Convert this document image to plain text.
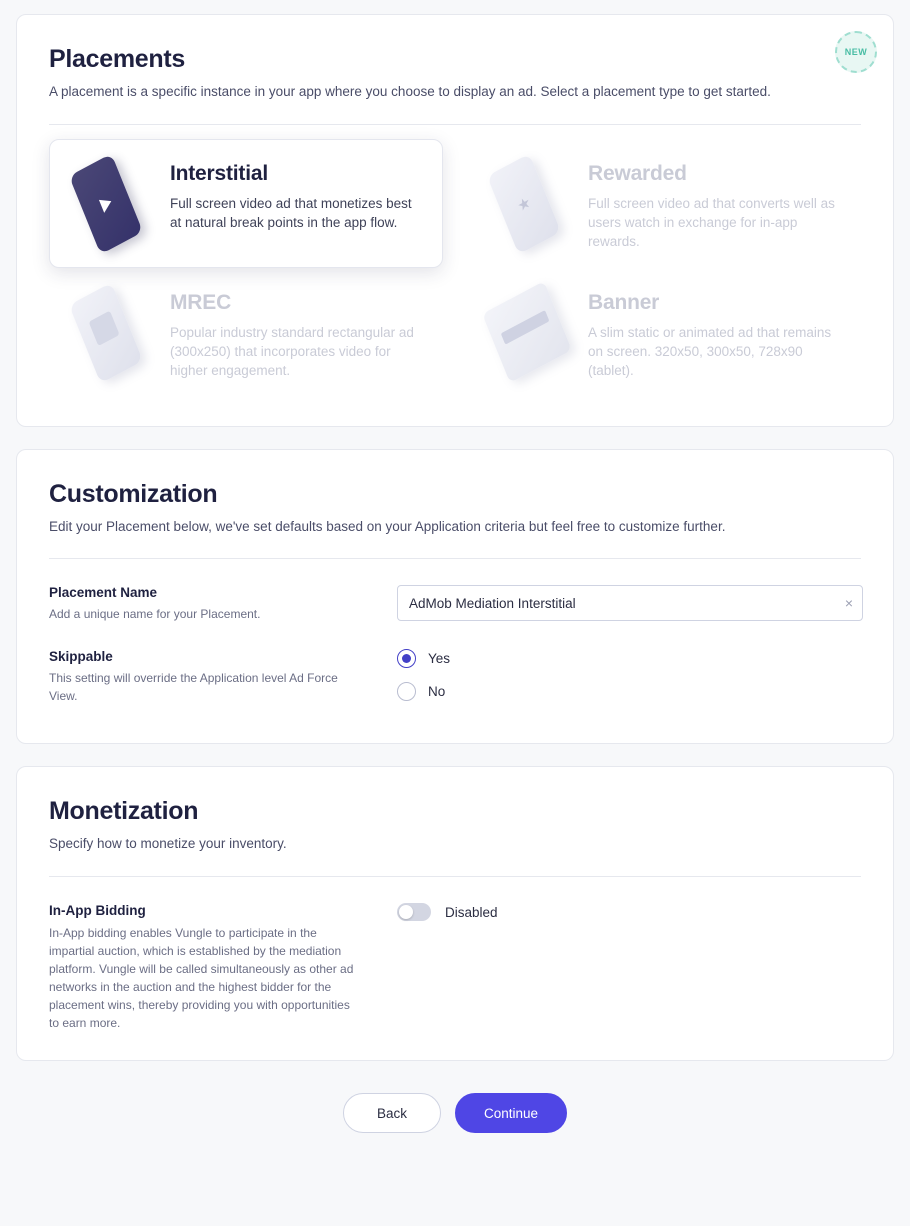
Placements

A placement is a specific instance in your app where you choose to display an ad. Select a placement type to get started.

Interstitial

Full screen video ad that monetizes best at natural break points in the app flow.

★

Rewarded

Full screen video ad that converts well as users watch in exchange for in-app rewards.

MREC

Popular industry standard rectangular ad (300x250) that incorporates video for higher engagement.

Banner

A slim static or animated ad that remains on screen. 320x50, 300x50, 728x90 (tablet).

NEW
Customization

Edit your Placement below, we've set defaults based on your Application criteria but feel free to customize further.

Placement Name

Add a unique name for your Placement.

AdMob Mediation Interstitial
×

Skippable

This setting will override the Application level Ad Force View.

Yes
No
Monetization

Specify how to monetize your inventory.

In-App Bidding

In-App bidding enables Vungle to participate in the impartial auction, which is established by the mediation platform. Vungle will be called simultaneously as other ad networks in the auction and the highest bidder for the placement wins, thereby providing you with opportunities to earn more.

Disabled
Back	Continue
